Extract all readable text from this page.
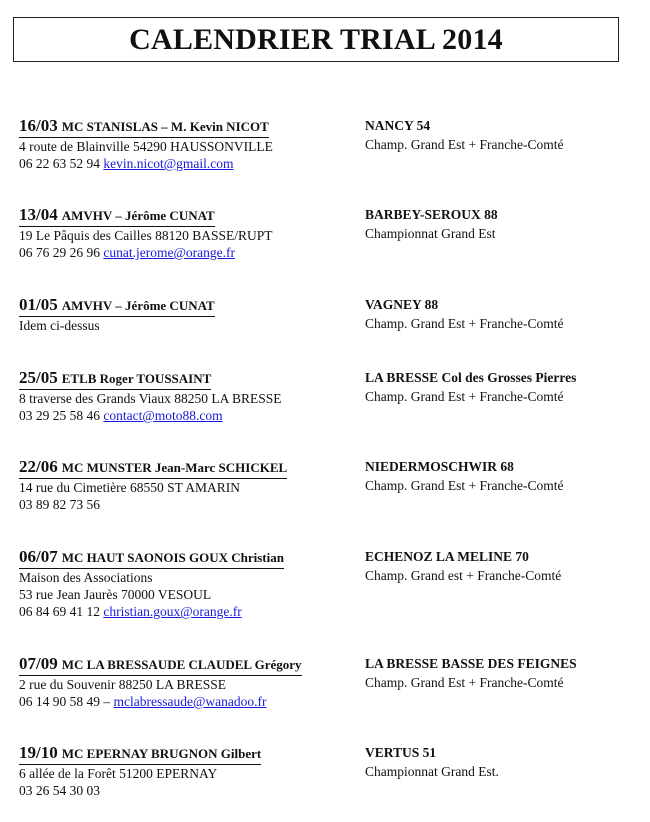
CALENDRIER TRIAL 2014
16/03 MC STANISLAS – M. Kevin NICOT
4 route de Blainville 54290 HAUSSONVILLE
06 22 63 52 94 kevin.nicot@gmail.com
NANCY 54
Champ. Grand Est + Franche-Comté
13/04 AMVHV – Jérôme CUNAT
19 Le Pâquis des Cailles 88120 BASSE/RUPT
06 76 29 26 96 cunat.jerome@orange.fr
BARBEY-SEROUX 88
Championnat Grand Est
01/05 AMVHV – Jérôme CUNAT
Idem ci-dessus
VAGNEY 88
Champ. Grand Est + Franche-Comté
25/05 ETLB Roger TOUSSAINT
8 traverse des Grands Viaux 88250 LA BRESSE
03 29 25 58 46 contact@moto88.com
LA BRESSE Col des Grosses Pierres
Champ. Grand Est + Franche-Comté
22/06 MC MUNSTER Jean-Marc SCHICKEL
14 rue du Cimetière 68550 ST AMARIN
03 89 82 73 56
NIEDERMOSCHWIR 68
Champ. Grand Est + Franche-Comté
06/07 MC HAUT SAONOIS GOUX Christian
Maison des Associations
53 rue Jean Jaurès 70000 VESOUL
06 84 69 41 12 christian.goux@orange.fr
ECHENOZ LA MELINE 70
Champ. Grand est + Franche-Comté
07/09 MC LA BRESSAUDE CLAUDEL Grégory
2 rue du Souvenir 88250 LA BRESSE
06 14 90 58 49 – mclabressaude@wanadoo.fr
LA BRESSE BASSE DES FEIGNES
Champ. Grand Est + Franche-Comté
19/10 MC EPERNAY BRUGNON Gilbert
6 allée de la Forêt 51200 EPERNAY
03 26 54 30 03
VERTUS 51
Championnat Grand Est.
